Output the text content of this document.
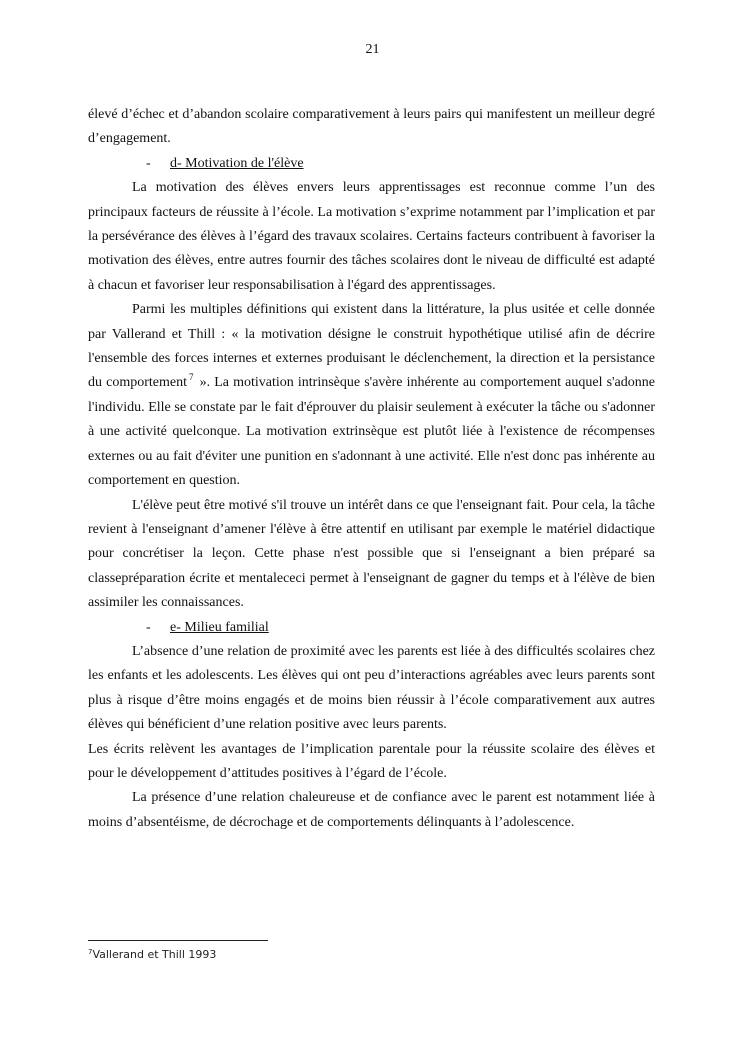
21

élevé d’échec et d’abandon scolaire comparativement à leurs pairs qui manifestent un meilleur degré d’engagement.

- d- Motivation de l'élève

La motivation des élèves envers leurs apprentissages est reconnue comme l’un des principaux facteurs de réussite à l’école. La motivation s’exprime notamment par l’implication et par la persévérance des élèves à l’égard des travaux scolaires. Certains facteurs contribuent à favoriser la motivation des élèves, entre autres fournir des tâches scolaires dont le niveau de difficulté est adapté à chacun et favoriser leur responsabilisation à l'égard des apprentissages.

Parmi les multiples définitions qui existent dans la littérature, la plus usitée et celle donnée par Vallerand et Thill : « la motivation désigne le construit hypothétique utilisé afin de décrire l'ensemble des forces internes et externes produisant le déclenchement, la direction et la persistance du comportement $^7$ ». La motivation intrinsèque s'avère inhérente au comportement auquel s'adonne l'individu. Elle se constate par le fait d'éprouver du plaisir seulement à exécuter la tâche ou s'adonner à une activité quelconque. La motivation extrinsèque est plutôt liée à l'existence de récompenses externes ou au fait d'éviter une punition en s'adonnant à une activité. Elle n'est donc pas inhérente au comportement en question.

L'élève peut être motivé s'il trouve un intérêt dans ce que l'enseignant fait. Pour cela, la tâche revient à l'enseignant d’amener l'élève à être attentif en utilisant par exemple le matériel didactique pour concrétiser la leçon. Cette phase n'est possible que si l'enseignant a bien préparé sa classepréparation écrite et mentalececi permet à l'enseignant de gagner du temps et à l'élève de bien assimiler les connaissances.

- e- Milieu familial

L’absence d’une relation de proximité avec les parents est liée à des difficultés scolaires chez les enfants et les adolescents. Les élèves qui ont peu d’interactions agréables avec leurs parents sont plus à risque d’être moins engagés et de moins bien réussir à l’école comparativement aux autres élèves qui bénéficient d’une relation positive avec leurs parents.

Les écrits relèvent les avantages de l’implication parentale pour la réussite scolaire des élèves et pour le développement d’attitudes positives à l’égard de l’école.

La présence d’une relation chaleureuse et de confiance avec le parent est notamment liée à moins d’absentéisme, de décrochage et de comportements délinquants à l’adolescence.

$^7$Vallerand et Thill 1993
